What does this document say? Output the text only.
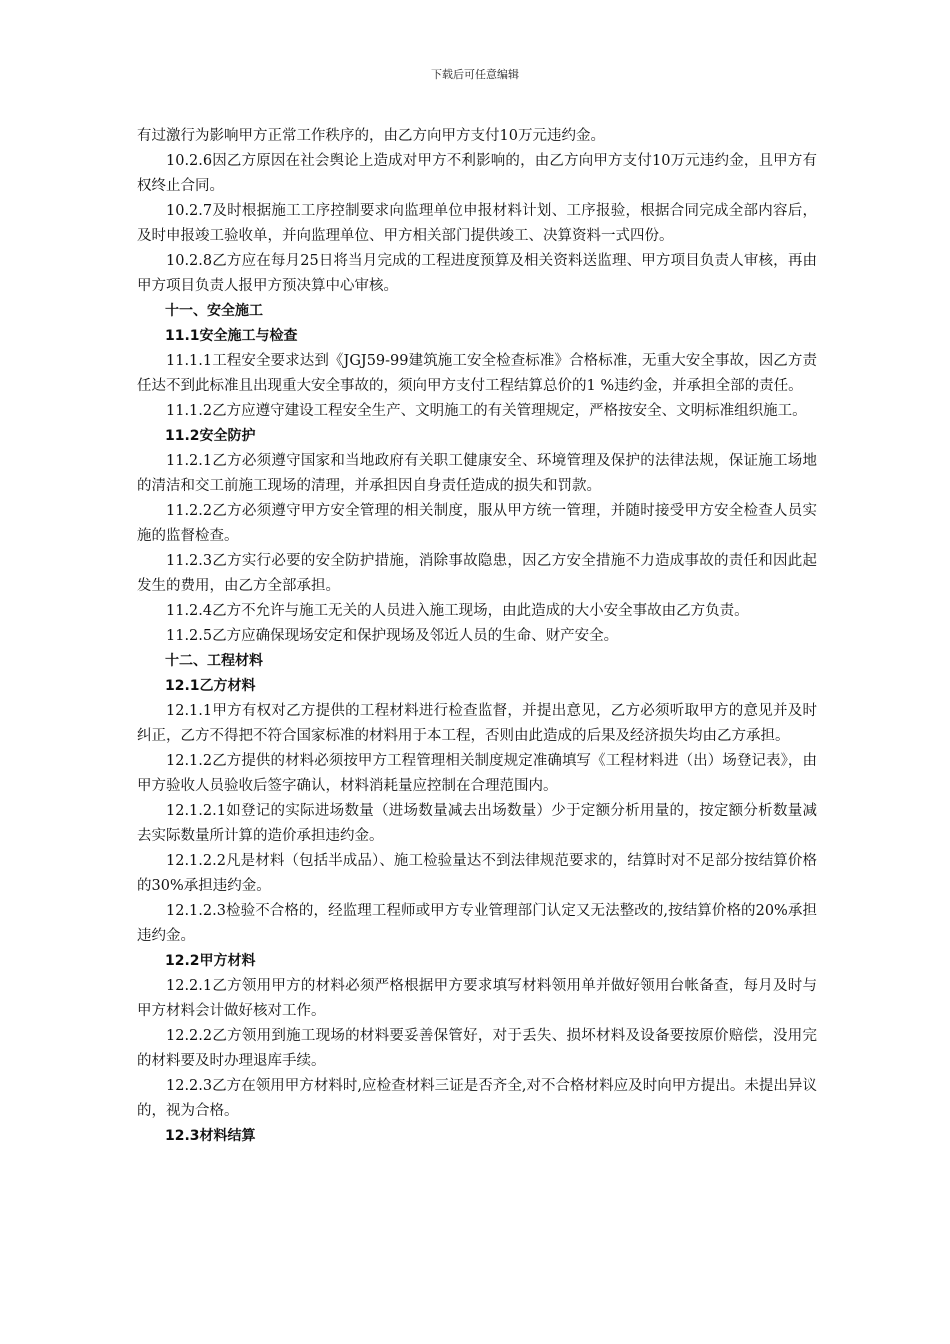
下载后可任意编辑

有过激行为影响甲方正常工作秩序的，由乙方向甲方支付10万元违约金。

10.2.6因乙方原因在社会舆论上造成对甲方不利影响的，由乙方向甲方支付10万元违约金，且甲方有权终止合同。

10.2.7及时根据施工工序控制要求向监理单位申报材料计划、工序报验，根据合同完成全部内容后，及时申报竣工验收单，并向监理单位、甲方相关部门提供竣工、决算资料一式四份。

10.2.8乙方应在每月25日将当月完成的工程进度预算及相关资料送监理、甲方项目负责人审核，再由甲方项目负责人报甲方预决算中心审核。

十一、安全施工

11.1安全施工与检查

11.1.1工程安全要求达到《JGJ59-99建筑施工安全检查标准》合格标准，无重大安全事故，因乙方责任达不到此标准且出现重大安全事故的，须向甲方支付工程结算总价的1 %违约金，并承担全部的责任。

11.1.2乙方应遵守建设工程安全生产、文明施工的有关管理规定，严格按安全、文明标准组织施工。

11.2安全防护

11.2.1乙方必须遵守国家和当地政府有关职工健康安全、环境管理及保护的法律法规，保证施工场地的清洁和交工前施工现场的清理，并承担因自身责任造成的损失和罚款。

11.2.2乙方必须遵守甲方安全管理的相关制度，服从甲方统一管理，并随时接受甲方安全检查人员实施的监督检查。

11.2.3乙方实行必要的安全防护措施，消除事故隐患，因乙方安全措施不力造成事故的责任和因此起发生的费用，由乙方全部承担。

11.2.4乙方不允许与施工无关的人员进入施工现场，由此造成的大小安全事故由乙方负责。

11.2.5乙方应确保现场安定和保护现场及邻近人员的生命、财产安全。

十二、工程材料

12.1乙方材料

12.1.1甲方有权对乙方提供的工程材料进行检查监督，并提出意见，乙方必须听取甲方的意见并及时纠正，乙方不得把不符合国家标准的材料用于本工程，否则由此造成的后果及经济损失均由乙方承担。

12.1.2乙方提供的材料必须按甲方工程管理相关制度规定准确填写《工程材料进（出）场登记表》，由甲方验收人员验收后签字确认，材料消耗量应控制在合理范围内。

12.1.2.1如登记的实际进场数量（进场数量减去出场数量）少于定额分析用量的，按定额分析数量减去实际数量所计算的造价承担违约金。

12.1.2.2凡是材料（包括半成品）、施工检验量达不到法律规范要求的，结算时对不足部分按结算价格的30%承担违约金。

12.1.2.3检验不合格的，经监理工程师或甲方专业管理部门认定又无法整改的,按结算价格的20%承担违约金。

12.2甲方材料

12.2.1乙方领用甲方的材料必须严格根据甲方要求填写材料领用单并做好领用台帐备查，每月及时与甲方材料会计做好核对工作。

12.2.2乙方领用到施工现场的材料要妥善保管好，对于丢失、损坏材料及设备要按原价赔偿，没用完的材料要及时办理退库手续。

12.2.3乙方在领用甲方材料时,应检查材料三证是否齐全,对不合格材料应及时向甲方提出。未提出异议的，视为合格。

12.3材料结算
